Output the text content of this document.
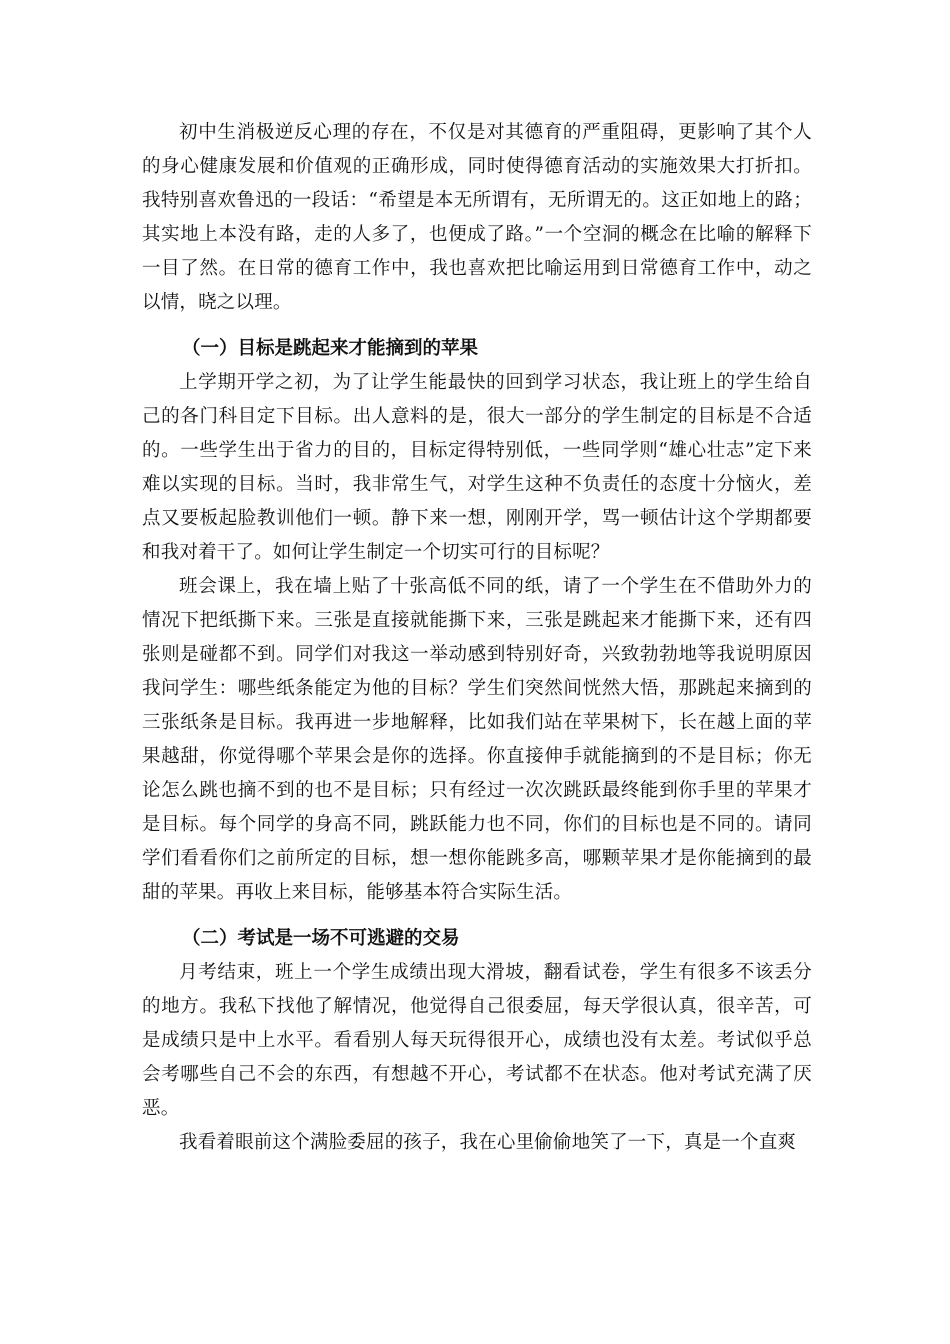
初中生消极逆反心理的存在，不仅是对其德育的严重阻碍，更影响了其个人的身心健康发展和价值观的正确形成，同时使得德育活动的实施效果大打折扣。我特别喜欢鲁迅的一段话：“希望是本无所谓有，无所谓无的。这正如地上的路；其实地上本没有路，走的人多了，也便成了路。”一个空洞的概念在比喻的解释下一目了然。在日常的德育工作中，我也喜欢把比喻运用到日常德育工作中，动之以情，晓之以理。

（一）目标是跳起来才能摘到的苹果

上学期开学之初，为了让学生能最快的回到学习状态，我让班上的学生给自己的各门科目定下目标。出人意料的是，很大一部分的学生制定的目标是不合适的。一些学生出于省力的目的，目标定得特别低，一些同学则“雄心壮志”定下来难以实现的目标。当时，我非常生气，对学生这种不负责任的态度十分恼火，差点又要板起脸教训他们一顿。静下来一想，刚刚开学，骂一顿估计这个学期都要和我对着干了。如何让学生制定一个切实可行的目标呢？

班会课上，我在墙上贴了十张高低不同的纸，请了一个学生在不借助外力的情况下把纸撕下来。三张是直接就能撕下来，三张是跳起来才能撕下来，还有四张则是碰都不到。同学们对我这一举动感到特别好奇，兴致勃勃地等我说明原因我问学生：哪些纸条能定为他的目标？学生们突然间恍然大悟，那跳起来摘到的三张纸条是目标。我再进一步地解释，比如我们站在苹果树下，长在越上面的苹果越甜，你觉得哪个苹果会是你的选择。你直接伸手就能摘到的不是目标；你无论怎么跳也摘不到的也不是目标；只有经过一次次跳跃最终能到你手里的苹果才是目标。每个同学的身高不同，跳跃能力也不同，你们的目标也是不同的。请同学们看看你们之前所定的目标，想一想你能跳多高，哪颗苹果才是你能摘到的最甜的苹果。再收上来目标，能够基本符合实际生活。

（二）考试是一场不可逃避的交易

月考结束，班上一个学生成绩出现大滑坡，翻看试卷，学生有很多不该丢分的地方。我私下找他了解情况，他觉得自己很委屈，每天学很认真，很辛苦，可是成绩只是中上水平。看看别人每天玩得很开心，成绩也没有太差。考试似乎总会考哪些自己不会的东西，有想越不开心，考试都不在状态。他对考试充满了厌恶。

我看着眼前这个满脸委屈的孩子，我在心里偷偷地笑了一下，真是一个直爽
